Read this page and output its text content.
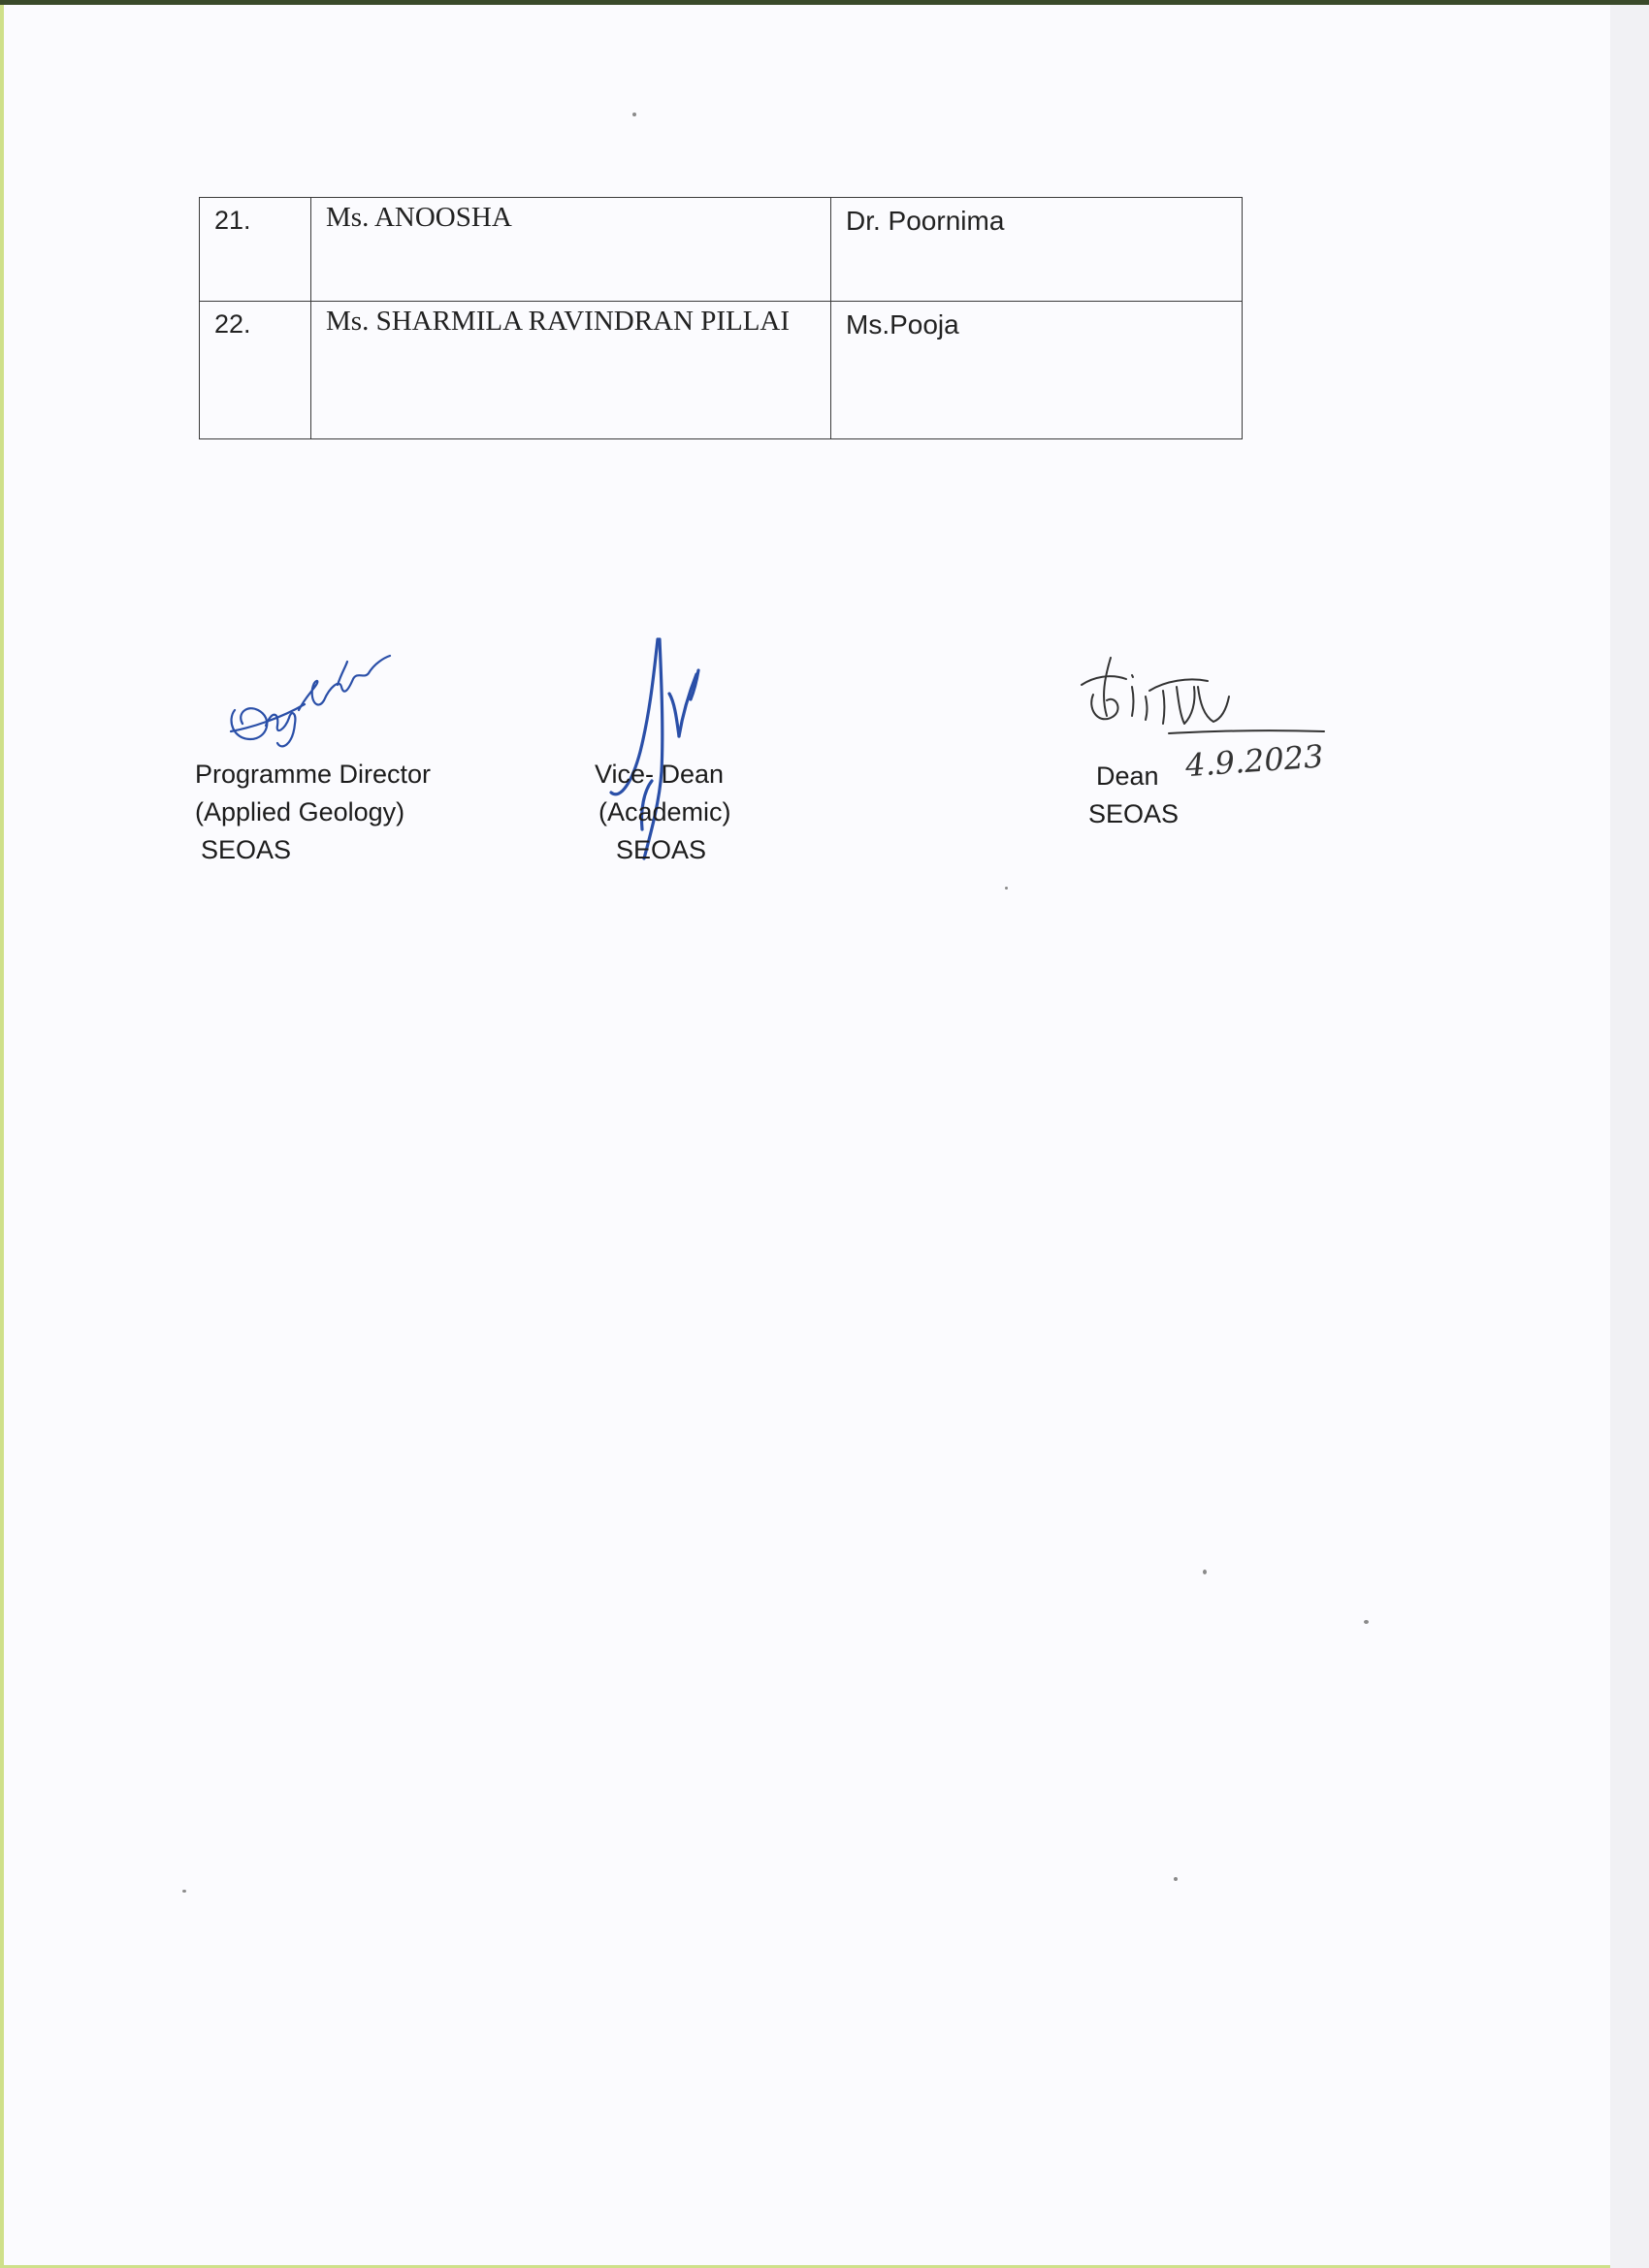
21.	Ms. ANOOSHA	Dr. Poornima
22.	Ms. SHARMILA RAVINDRAN PILLAI	Ms.Pooja
4.9.2023
Programme Director
(Applied Geology)
SEOAS
Vice- Dean
(Academic)
SEOAS
Dean
SEOAS
